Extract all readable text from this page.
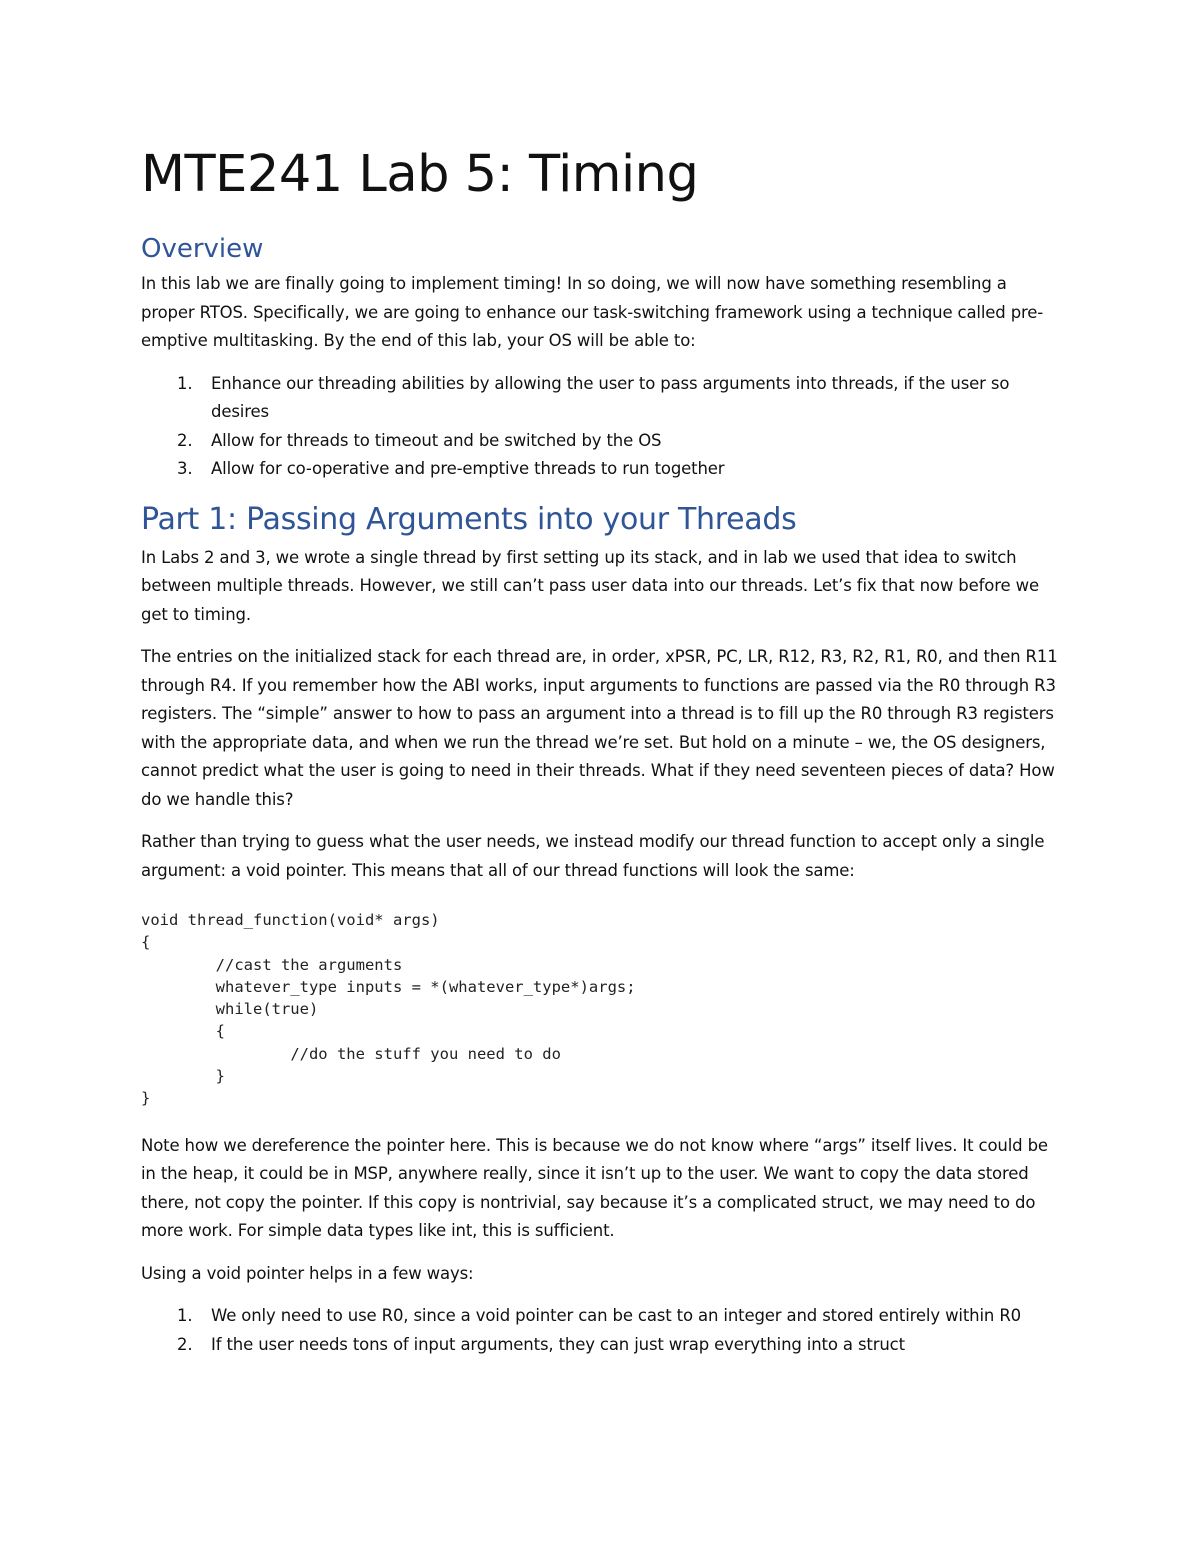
MTE241 Lab 5: Timing
Overview

In this lab we are finally going to implement timing! In so doing, we will now have something resembling a proper RTOS. Specifically, we are going to enhance our task-switching framework using a technique called pre-emptive multitasking. By the end of this lab, your OS will be able to:

1. Enhance our threading abilities by allowing the user to pass arguments into threads, if the user so desires
2. Allow for threads to timeout and be switched by the OS
3. Allow for co-operative and pre-emptive threads to run together
Part 1: Passing Arguments into your Threads

In Labs 2 and 3, we wrote a single thread by first setting up its stack, and in lab we used that idea to switch between multiple threads. However, we still can’t pass user data into our threads. Let’s fix that now before we get to timing.

The entries on the initialized stack for each thread are, in order, xPSR, PC, LR, R12, R3, R2, R1, R0, and then R11 through R4. If you remember how the ABI works, input arguments to functions are passed via the R0 through R3 registers. The “simple” answer to how to pass an argument into a thread is to fill up the R0 through R3 registers with the appropriate data, and when we run the thread we’re set. But hold on a minute – we, the OS designers, cannot predict what the user is going to need in their threads. What if they need seventeen pieces of data? How do we handle this?

Rather than trying to guess what the user needs, we instead modify our thread function to accept only a single argument: a void pointer. This means that all of our thread functions will look the same:

void thread_function(void* args)
{
	//cast the arguments
	whatever_type inputs = *(whatever_type*)args;
	while(true)
	{
		//do the stuff you need to do
	}
}

Note how we dereference the pointer here. This is because we do not know where “args” itself lives. It could be in the heap, it could be in MSP, anywhere really, since it isn’t up to the user. We want to copy the data stored there, not copy the pointer. If this copy is nontrivial, say because it’s a complicated struct, we may need to do more work. For simple data types like int, this is sufficient.

Using a void pointer helps in a few ways:

1. We only need to use R0, since a void pointer can be cast to an integer and stored entirely within R0
2. If the user needs tons of input arguments, they can just wrap everything into a struct
